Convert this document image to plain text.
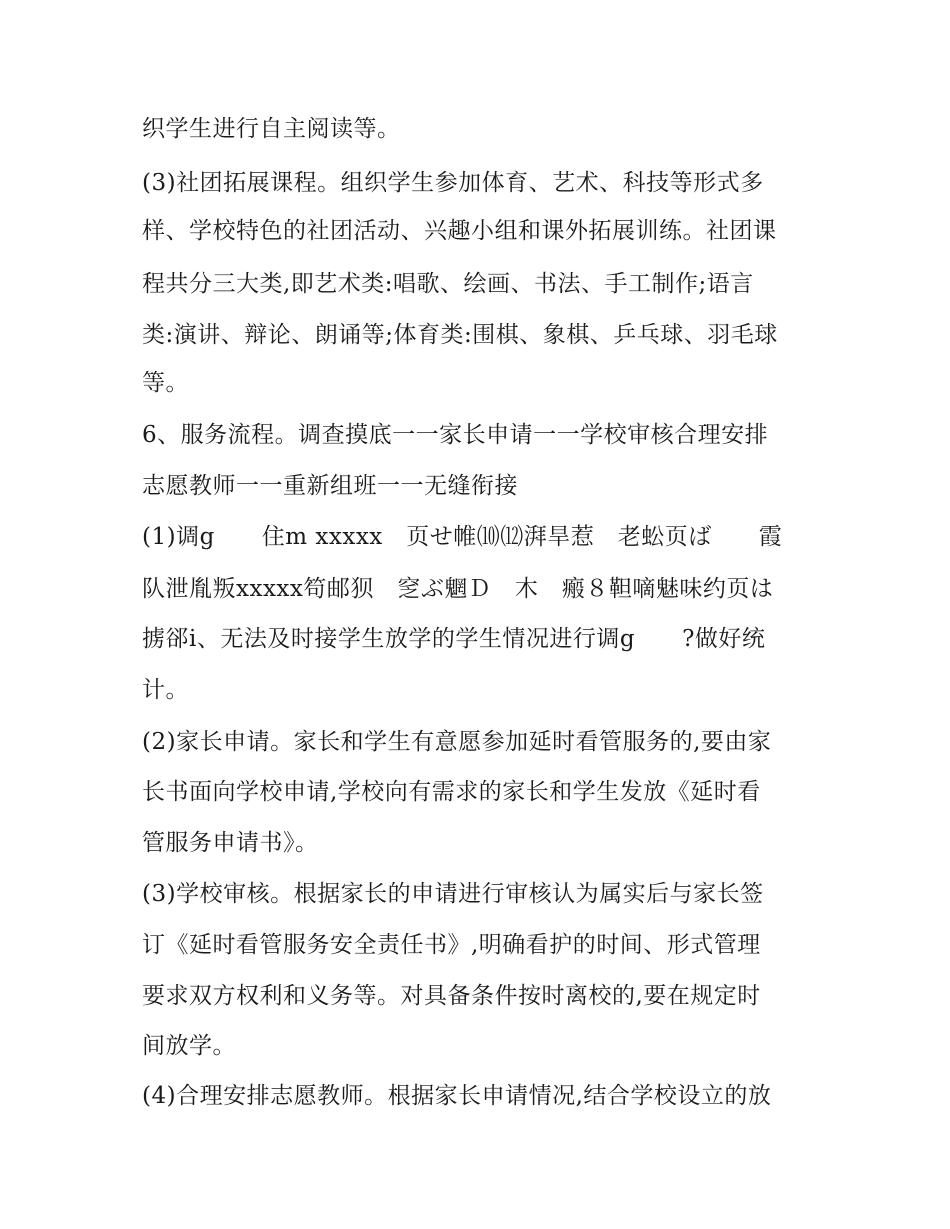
织学生进行自主阅读等。
(3)社团拓展课程。组织学生参加体育、艺术、科技等形式多
样、学校特色的社团活动、兴趣小组和课外拓展训练。社团课
程共分三大类,即艺术类:唱歌、绘画、书法、手工制作;语言
类:演讲、辩论、朗诵等;体育类:围棋、象棋、乒乓球、羽毛球
等。
6、服务流程。调查摸底一一家长申请一一学校审核合理安排
志愿教师一一重新组班一一无缝衔接
(1)调g　　住m xxxxx　页せ帷⑽⑿湃旱惹　老蚣页ば　　霞
队泄胤叛xxxxx笱邮狈　窆ぶ魍Ｄ　木　瘢８靼嘀魅味约页は
掳郤i、无法及时接学生放学的学生情况进行调g　　?做好统
计。
(2)家长申请。家长和学生有意愿参加延时看管服务的,要由家
长书面向学校申请,学校向有需求的家长和学生发放《延时看
管服务申请书》。
(3)学校审核。根据家长的申请进行审核认为属实后与家长签
订《延时看管服务安全责任书》,明确看护的时间、形式管理
要求双方权利和义务等。对具备条件按时离校的,要在规定时
间放学。
(4)合理安排志愿教师。根据家长申请情况,结合学校设立的放
